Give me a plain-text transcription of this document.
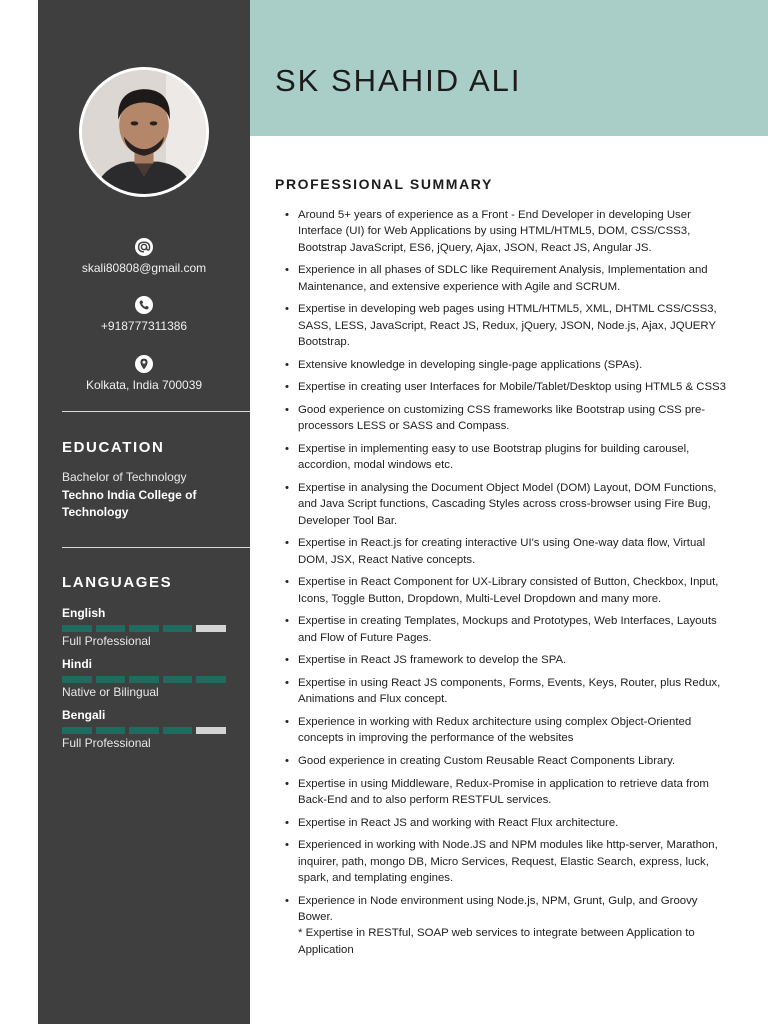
SK SHAHID ALI
skali80808@gmail.com
+918777311386
Kolkata, India 700039
EDUCATION
Bachelor of Technology
Techno India College of Technology
LANGUAGES
English
Full Professional
Hindi
Native or Bilingual
Bengali
Full Professional
PROFESSIONAL SUMMARY
• Around 5+ years of experience as a Front - End Developer in developing User Interface (UI) for Web Applications by using HTML/HTML5, DOM, CSS/CSS3, Bootstrap JavaScript, ES6, jQuery, Ajax, JSON, React JS, Angular JS.
• Experience in all phases of SDLC like Requirement Analysis, Implementation and Maintenance, and extensive experience with Agile and SCRUM.
• Expertise in developing web pages using HTML/HTML5, XML, DHTML CSS/CSS3, SASS, LESS, JavaScript, React JS, Redux, jQuery, JSON, Node.js, Ajax, JQUERY Bootstrap.
• Extensive knowledge in developing single-page applications (SPAs).
• Expertise in creating user Interfaces for Mobile/Tablet/Desktop using HTML5 & CSS3
• Good experience on customizing CSS frameworks like Bootstrap using CSS pre-processors LESS or SASS and Compass.
• Expertise in implementing easy to use Bootstrap plugins for building carousel, accordion, modal windows etc.
• Expertise in analysing the Document Object Model (DOM) Layout, DOM Functions, and Java Script functions, Cascading Styles across cross-browser using Fire Bug, Developer Tool Bar.
• Expertise in React.js for creating interactive UI's using One-way data flow, Virtual DOM, JSX, React Native concepts.
• Expertise in React Component for UX-Library consisted of Button, Checkbox, Input, Icons, Toggle Button, Dropdown, Multi-Level Dropdown and many more.
• Expertise in creating Templates, Mockups and Prototypes, Web Interfaces, Layouts and Flow of Future Pages.
• Expertise in React JS framework to develop the SPA.
• Expertise in using React JS components, Forms, Events, Keys, Router, plus Redux, Animations and Flux concept.
• Experience in working with Redux architecture using complex Object-Oriented concepts in improving the performance of the websites
• Good experience in creating Custom Reusable React Components Library.
• Expertise in using Middleware, Redux-Promise in application to retrieve data from Back-End and to also perform RESTFUL services.
• Expertise in React JS and working with React Flux architecture.
• Experienced in working with Node.JS and NPM modules like http-server, Marathon, inquirer, path, mongo DB, Micro Services, Request, Elastic Search, express, luck, spark, and templating engines.
• Experience in Node environment using Node.js, NPM, Grunt, Gulp, and Groovy Bower.
* Expertise in RESTful, SOAP web services to integrate between Application to Application
